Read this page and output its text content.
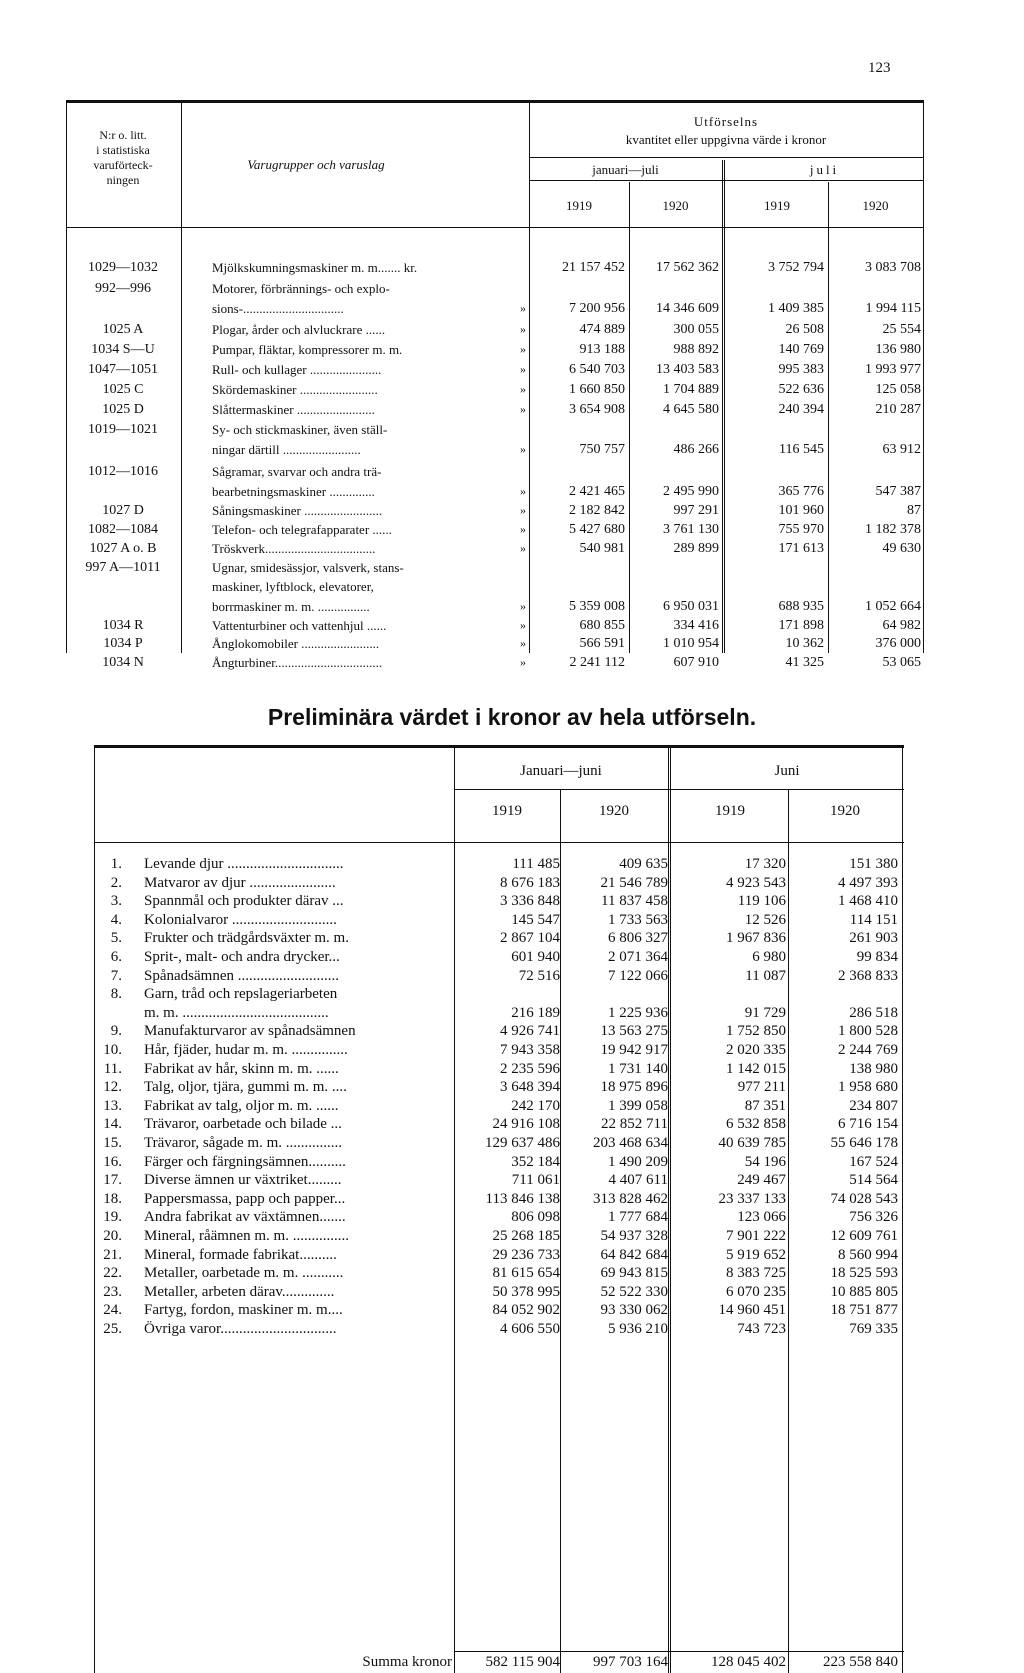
123
N:r o. litt.
i statistiska
varuförteck-
ningen
Varugrupper och varuslag
Utförselns
kvantitet eller uppgivna värde i kronor
januari—juli	juli
1919	1920	1919	1920
1029—1032	Mjölkskumningsmaskiner m. m....... kr.	21 157 452	17 562 362	3 752 794	3 083 708
992—996	Motorer, förbrännings- och explo-
sions-...............................	»	7 200 956	14 346 609	1 409 385	1 994 115
1025 A	Plogar, årder och alvluckrare ......	»	474 889	300 055	26 508	25 554
1034 S—U	Pumpar, fläktar, kompressorer m. m.	»	913 188	988 892	140 769	136 980
1047—1051	Rull- och kullager ......................	»	6 540 703	13 403 583	995 383	1 993 977
1025 C	Skördemaskiner ........................	»	1 660 850	1 704 889	522 636	125 058
1025 D	Slåttermaskiner ........................	»	3 654 908	4 645 580	240 394	210 287
1019—1021	Sy- och stickmaskiner, även ställ-
ningar därtill ........................	»	750 757	486 266	116 545	63 912
1012—1016	Sågramar, svarvar och andra trä-
bearbetningsmaskiner ..............	»	2 421 465	2 495 990	365 776	547 387
1027 D	Såningsmaskiner ........................	»	2 182 842	997 291	101 960	87
1082—1084	Telefon- och telegrafapparater ......	»	5 427 680	3 761 130	755 970	1 182 378
1027 A o. B	Tröskverk..................................	»	540 981	289 899	171 613	49 630
997 A—1011	Ugnar, smidesässjor, valsverk, stans-
maskiner, lyftblock, elevatorer,
borrmaskiner m. m. ................	»	5 359 008	6 950 031	688 935	1 052 664
1034 R	Vattenturbiner och vattenhjul ......	»	680 855	334 416	171 898	64 982
1034 P	Ånglokomobiler ........................	»	566 591	1 010 954	10 362	376 000
1034 N	Ångturbiner.................................	»	2 241 112	607 910	41 325	53 065
Preliminära värdet i kronor av hela utförseln.
Januari—juni	Juni
1919	1920	1919	1920
1. Levande djur ...............................	111 485	409 635	17 320	151 380
2. Matvaror av djur .......................	8 676 183	21 546 789	4 923 543	4 497 393
3. Spannmål och produkter därav ...	3 336 848	11 837 458	119 106	1 468 410
4. Kolonialvaror ............................	145 547	1 733 563	12 526	114 151
5. Frukter och trädgårdsväxter m. m.	2 867 104	6 806 327	1 967 836	261 903
6. Sprit-, malt- och andra drycker...	601 940	2 071 364	6 980	99 834
7. Spånadsämnen ...........................	72 516	7 122 066	11 087	2 368 833
8. Garn, tråd och repslageriarbeten
m. m. .......................................	216 189	1 225 936	91 729	286 518
9. Manufakturvaror av spånadsämnen	4 926 741	13 563 275	1 752 850	1 800 528
10. Hår, fjäder, hudar m. m. ...............	7 943 358	19 942 917	2 020 335	2 244 769
11. Fabrikat av hår, skinn m. m. ......	2 235 596	1 731 140	1 142 015	138 980
12. Talg, oljor, tjära, gummi m. m. ....	3 648 394	18 975 896	977 211	1 958 680
13. Fabrikat av talg, oljor m. m. ......	242 170	1 399 058	87 351	234 807
14. Trävaror, oarbetade och bilade ...	24 916 108	22 852 711	6 532 858	6 716 154
15. Trävaror, sågade m. m. ...............	129 637 486	203 468 634	40 639 785	55 646 178
16. Färger och färgningsämnen..........	352 184	1 490 209	54 196	167 524
17. Diverse ämnen ur växtriket.........	711 061	4 407 611	249 467	514 564
18. Pappersmassa, papp och papper...	113 846 138	313 828 462	23 337 133	74 028 543
19. Andra fabrikat av växtämnen.......	806 098	1 777 684	123 066	756 326
20. Mineral, råämnen m. m. ...............	25 268 185	54 937 328	7 901 222	12 609 761
21. Mineral, formade fabrikat..........	29 236 733	64 842 684	5 919 652	8 560 994
22. Metaller, oarbetade m. m. ...........	81 615 654	69 943 815	8 383 725	18 525 593
23. Metaller, arbeten därav..............	50 378 995	52 522 330	6 070 235	10 885 805
24. Fartyg, fordon, maskiner m. m....	84 052 902	93 330 062	14 960 451	18 751 877
25. Övriga varor...............................	4 606 550	5 936 210	743 723	769 335
Summa kronor	582 115 904	997 703 164	128 045 402	223 558 840
